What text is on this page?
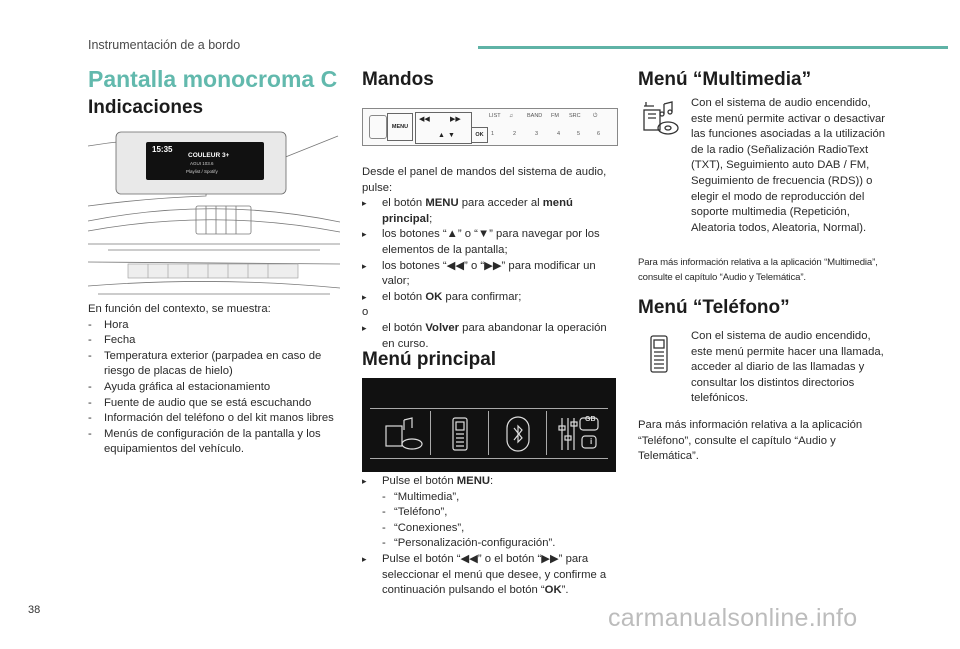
Instrumentación de a bordo
Pantalla monocroma C
Indicaciones
15:35
COULEUR 3+
AGUI 103.6
Playlist / Spotify
En función del contexto, se muestra:
- Hora
- Fecha
- Temperatura exterior (parpadea en caso de riesgo de placas de hielo)
- Ayuda gráfica al estacionamiento
- Fuente de audio que se está escuchando
- Información del teléfono o del kit manos libres
- Menús de configuración de la pantalla y los equipamientos del vehículo.
Mandos
MENU
◀◀	▶▶
▲ ▼	OK
LIST ♫	BAND FM SRC ⏻
1	2	3	4	5	6
Desde el panel de mandos del sistema de audio, pulse:
▸ el botón MENU para acceder al menú principal;
▸ los botones “▲” o “▼” para navegar por los elementos de la pantalla;
▸ los botones “◀◀” o “▶▶” para modificar un valor;
▸ el botón OK para confirmar;
o
▸ el botón Volver para abandonar la operación en curso.
Menú principal
GB
i
▸ Pulse el botón MENU:
- “Multimedia”,
- “Teléfono”,
- “Conexiones”,
- “Personalización-configuración”.
▸ Pulse el botón “◀◀” o el botón “▶▶” para seleccionar el menú que desee, y confirme a continuación pulsando el botón “OK”.
Menú “Multimedia”
Con el sistema de audio encendido, este menú permite activar o desactivar las funciones asociadas a la utilización de la radio (Señalización RadioText (TXT), Seguimiento auto DAB / FM, Seguimiento de frecuencia (RDS)) o elegir el modo de reproducción del soporte multimedia (Repetición, Aleatoria todos, Aleatoria, Normal).
Para más información relativa a la aplicación “Multimedia”, consulte el capítulo “Audio y Telemática”.
Menú “Teléfono”
Con el sistema de audio encendido, este menú permite hacer una llamada, acceder al diario de las llamadas y consultar los distintos directorios telefónicos.
Para más información relativa a la aplicación “Teléfono”, consulte el capítulo “Audio y Telemática”.
38	carmanualsonline.info
